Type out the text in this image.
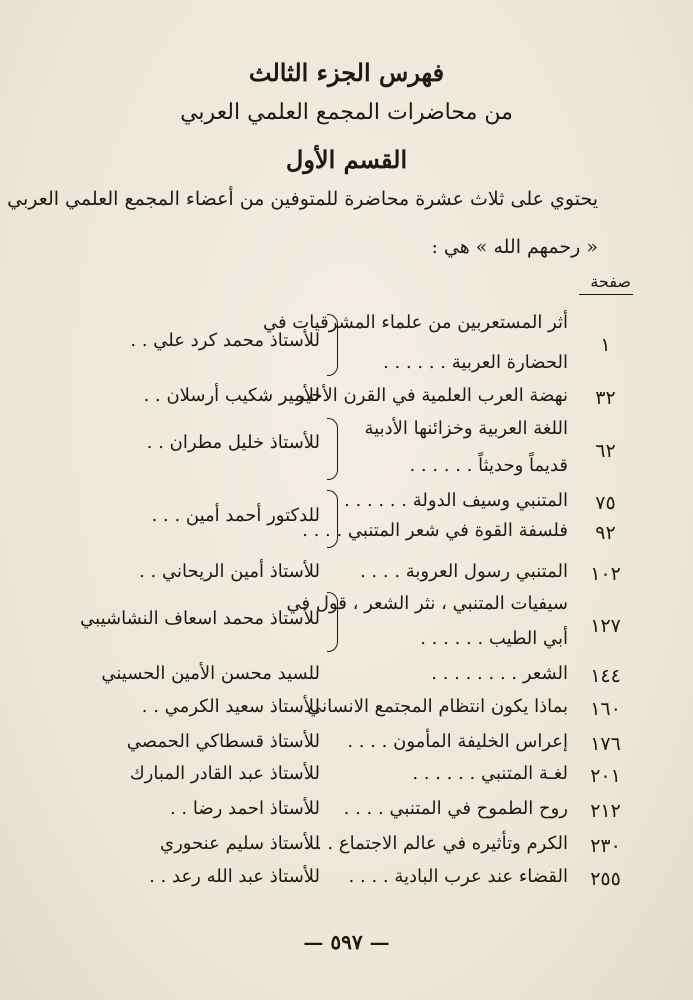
فهرس الجزء الثالث
من محاضرات المجمع العلمي العربي
القسم الأول
يحتوي على ثلاث عشرة محاضرة للمتوفين من أعضاء المجمع العلمي العربي
« رحمهم الله » هي :
صفحة
١
أثر المستعربين من علماء المشرقيات في
الحضارة العربية . . . . . .
للأستاذ محمد كرد علي . .
٣٢
نهضة العرب العلمية في القرن الأخير
للأمير شكيب أرسلان . .
٦٢
اللغة العربية وخزائنها الأدبية
قديماً وحديثاً . . . . . .
للأستاذ خليل مطران . .
٧٥
المتنبي وسيف الدولة . . . . . .
٩٢
فلسفة القوة في شعر المتنبي . . . .
للدكتور أحمد أمين . . .
١٠٢
المتنبي رسول العروبة . . . .
للأستاذ أمين الريحاني . .
١٢٧
سيفيات المتنبي ، نثر الشعر ، قول في
أبي الطيب . . . . . .
للأستاذ محمد اسعاف النشاشيبي
١٤٤
الشعر . . . . . . . .
للسيد محسن الأمين الحسيني
١٦٠
بماذا يكون انتظام المجتمع الانساني
للأستاذ سعيد الكرمي . .
١٧٦
إعراس الخليفة المأمون . . . .
للأستاذ قسطاكي الحمصي
٢٠١
لغـة المتنبي . . . . . .
للأستاذ عبد القادر المبارك
٢١٢
روح الطموح في المتنبي . . . .
للأستاذ احمد رضا . .
٢٣٠
الكرم وتأثيره في عالم الاجتماع . . .
للأستاذ سليم عنحوري
٢٥٥
القضاء عند عرب البادية . . . .
للأستاذ عبد الله رعد . .
— ٥٩٧ —
